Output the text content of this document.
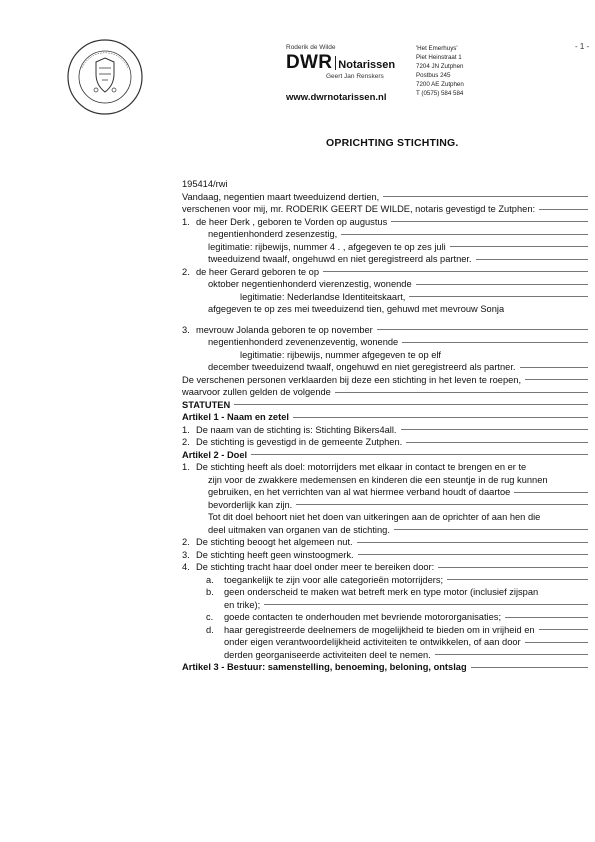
Roderik de Wilde
DWR Notarissen
Geert Jan Renskers
www.dwrnotarissen.nl
'Het Emerhuys'
Piet Heinstraat 1
7204 JN Zutphen
Postbus 245
7200 AE Zutphen
T (0575) 584 584
- 1 -
OPRICHTING STICHTING.
195414/rwi
Vandaag, negentien maart tweeduizend dertien,
verschenen voor mij, mr. RODERIK GEERT DE WILDE, notaris gevestigd te Zutphen:
1. de heer Derk , geboren te Vorden op augustus
negentienhonderd zesenzestig,
legitimatie: rijbewijs, nummer 4 . , afgegeven te op zes juli
tweeduizend twaalf, ongehuwd en niet geregistreerd als partner.
2. de heer Gerard geboren te op
oktober negentienhonderd vierenzestig, wonende
legitimatie: Nederlandse Identiteitskaart,
afgegeven te op zes mei tweeduizend tien, gehuwd met mevrouw Sonja
3. mevrouw Jolanda geboren te op november
negentienhonderd zevenenzeventig, wonende
legitimatie: rijbewijs, nummer afgegeven te op elf
december tweeduizend twaalf, ongehuwd en niet geregistreerd als partner.
De verschenen personen verklaarden bij deze een stichting in het leven te roepen,
waarvoor zullen gelden de volgende
STATUTEN
Artikel 1 - Naam en zetel
1. De naam van de stichting is: Stichting Bikers4all.
2. De stichting is gevestigd in de gemeente Zutphen.
Artikel 2 - Doel
1. De stichting heeft als doel: motorrijders met elkaar in contact te brengen en er te
zijn voor de zwakkere medemensen en kinderen die een steuntje in de rug kunnen
gebruiken, en het verrichten van al wat hiermee verband houdt of daartoe
bevorderlijk kan zijn.
Tot dit doel behoort niet het doen van uitkeringen aan de oprichter of aan hen die
deel uitmaken van organen van de stichting.
2. De stichting beoogt het algemeen nut.
3. De stichting heeft geen winstoogmerk.
4. De stichting tracht haar doel onder meer te bereiken door:
a.	toegankelijk te zijn voor alle categorieën motorrijders;
b.	geen onderscheid te maken wat betreft merk en type motor (inclusief zijspan
en trike);
c.	goede contacten te onderhouden met bevriende motororganisaties;
d.	haar geregistreerde deelnemers de mogelijkheid te bieden om in vrijheid en
onder eigen verantwoordelijkheid activiteiten te ontwikkelen, of aan door
derden georganiseerde activiteiten deel te nemen.
Artikel 3 - Bestuur: samenstelling, benoeming, beloning, ontslag
